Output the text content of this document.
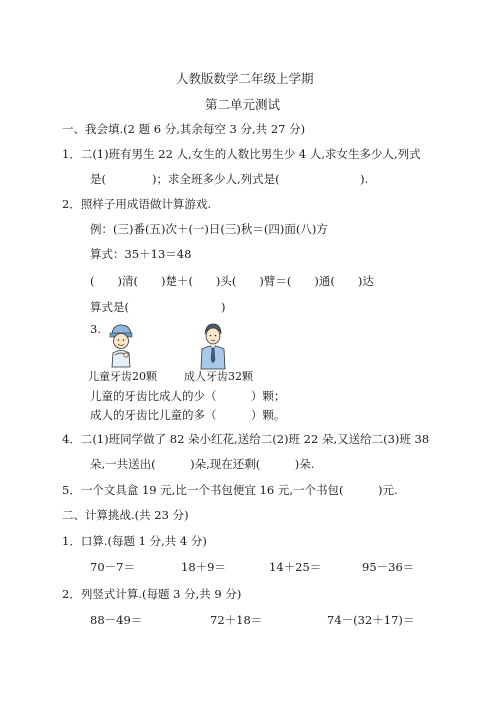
人教版数学二年级上学期
第二单元测试
一、我会填.(2 题 6 分,其余每空 3 分,共 27 分)
1．二(1)班有男生 22 人,女生的人数比男生少 4 人,求女生多少人,列式
是(　　　　)；求全班多少人,列式是(　　　　　　　).
2．照样子用成语做计算游戏.
例：(三)番(五)次＋(一)日(三)秋＝(四)面(八)方
算式：35＋13＝48
(　　)清(　　)楚＋(　　)头(　　)臂＝(　　)通(　　)达
算式是(　　　　　　　　)
3.
儿童牙齿20颗 成人牙齿32颗
儿童的牙齿比成人的少（　　　）颗；
成人的牙齿比儿童的多（　　　）颗。
4．二(1)班同学做了 82 朵小红花,送给二(2)班 22 朵,又送给二(3)班 38
朵,一共送出(　　　)朵,现在还剩(　　　)朵.
5．一个文具盒 19 元,比一个书包便宜 16 元,一个书包(　　　)元.
二、计算挑战.(共 23 分)
1．口算.(每题 1 分,共 4 分)
70－7＝	18＋9＝	14＋25＝	95－36＝
2．列竖式计算.(每题 3 分,共 9 分)
88－49＝	72＋18＝	74－(32＋17)＝
